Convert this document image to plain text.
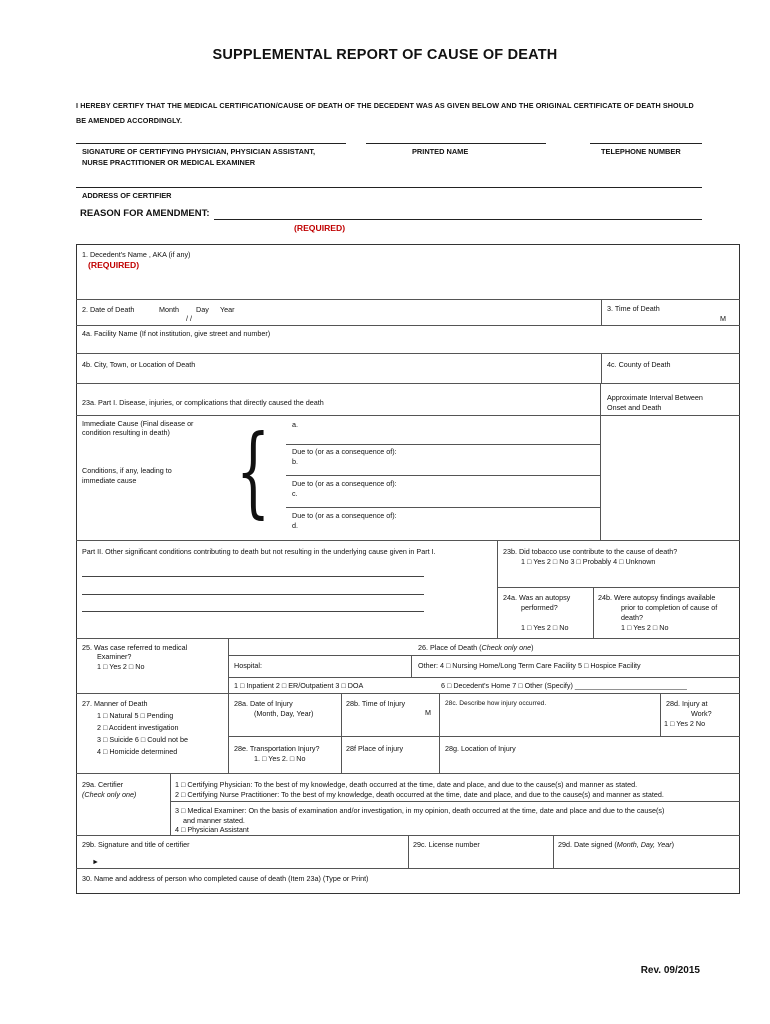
SUPPLEMENTAL REPORT OF CAUSE OF DEATH
I HEREBY CERTIFY THAT THE MEDICAL CERTIFICATION/CAUSE OF DEATH OF THE DECEDENT WAS AS GIVEN BELOW AND THE ORIGINAL CERTIFICATE OF DEATH SHOULD
BE AMENDED ACCORDINGLY.
SIGNATURE OF CERTIFYING PHYSICIAN, PHYSICIAN ASSISTANT,
NURSE PRACTITIONER OR MEDICAL EXAMINER
PRINTED NAME	TELEPHONE NUMBER
ADDRESS OF CERTIFIER
REASON FOR AMENDMENT:
(REQUIRED)
1. Decedent's Name , AKA (if any)
(REQUIRED)
2. Date of Death	Month Day Year
/ /
3. Time of Death
M
4a. Facility Name (If not institution, give street and number)
4b. City, Town, or Location of Death	4c. County of Death
23a. Part I. Disease, injuries, or complications that directly caused the death
Approximate Interval Between
Onset and Death
Immediate Cause (Final disease or
condition resulting in death)
Conditions, if any, leading to
immediate cause {	a.
Due to (or as a consequence of):
b.
Due to (or as a consequence of):
c.
Due to (or as a consequence of):
d.
Part II. Other significant conditions contributing to death but not resulting in the underlying cause given in Part I.	23b. Did tobacco use contribute to the cause of death?
1 □ Yes 2 □ No 3 □ Probably 4 □ Unknown
24a. Was an autopsy
performed?
1 □ Yes 2 □ No
24b. Were autopsy findings available
prior to completion of cause of
death?
1 □ Yes 2 □ No
25. Was case referred to medical
Examiner?
1 □ Yes 2 □ No
26. Place of Death (Check only one)
Hospital:	Other: 4 □ Nursing Home/Long Term Care Facility 5 □ Hospice Facility
1 □ Inpatient 2 □ ER/Outpatient 3 □ DOA	6 □ Decedent's Home 7 □ Other (Specify) ____________________________
27. Manner of Death
1 □ Natural 5 □ Pending
2 □ Accident investigation
3 □ Suicide 6 □ Could not be
4 □ Homicide determined
28a. Date of Injury
(Month, Day, Year)
28b. Time of Injury
M
28c. Describe how injury occurred.	28d. Injury at
Work?
1 □ Yes 2 No
28e. Transportation Injury?
1. □ Yes 2. □ No
28f Place of injury	28g. Location of Injury
29a. Certifier
(Check only one)
1 □ Certifying Physician: To the best of my knowledge, death occurred at the time, date and place, and due to the cause(s) and manner as stated.
2 □ Certifying Nurse Practitioner: To the best of my knowledge, death occurred at the time, date and place, and due to the cause(s) and manner as stated.
3 □ Medical Examiner: On the basis of examination and/or investigation, in my opinion, death occurred at the time, date and place and due to the cause(s)
and manner stated.
4 □ Physician Assistant
29b. Signature and title of certifier
►
29c. License number	29d. Date signed (Month, Day, Year)
30. Name and address of person who completed cause of death (Item 23a) (Type or Print)
Rev. 09/2015
